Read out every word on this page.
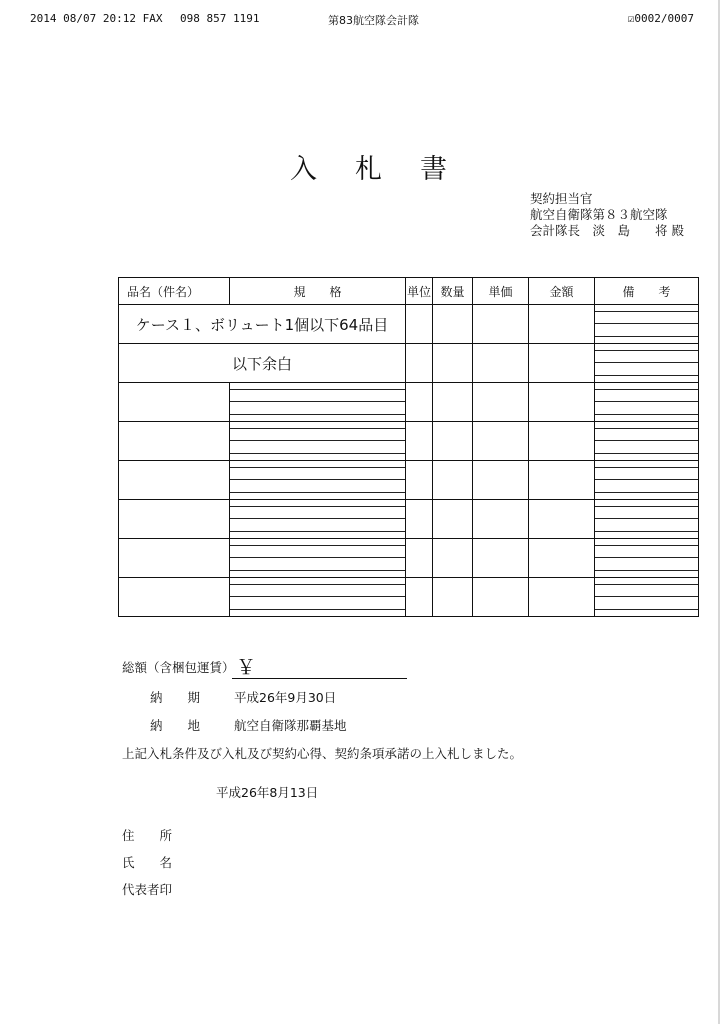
2014 08/07 20:12 FAX 098 857 1191	第83航空隊会計隊	☑0002/0007
入札書
契約担当官
航空自衛隊第８３航空隊
会計隊長　淡　島　　将 殿
品名（件名）	規　　格	単位	数量	単価	金額	備　　考
ケース１、ボリュート1個以下64品目						

以下余白						

総額（含梱包運賃） ￥
納　　期	平成26年9月30日
納　　地	航空自衛隊那覇基地
上記入札条件及び入札及び契約心得、契約条項承諾の上入札しました。
平成26年8月13日
住　　所
氏　　名
代表者印
